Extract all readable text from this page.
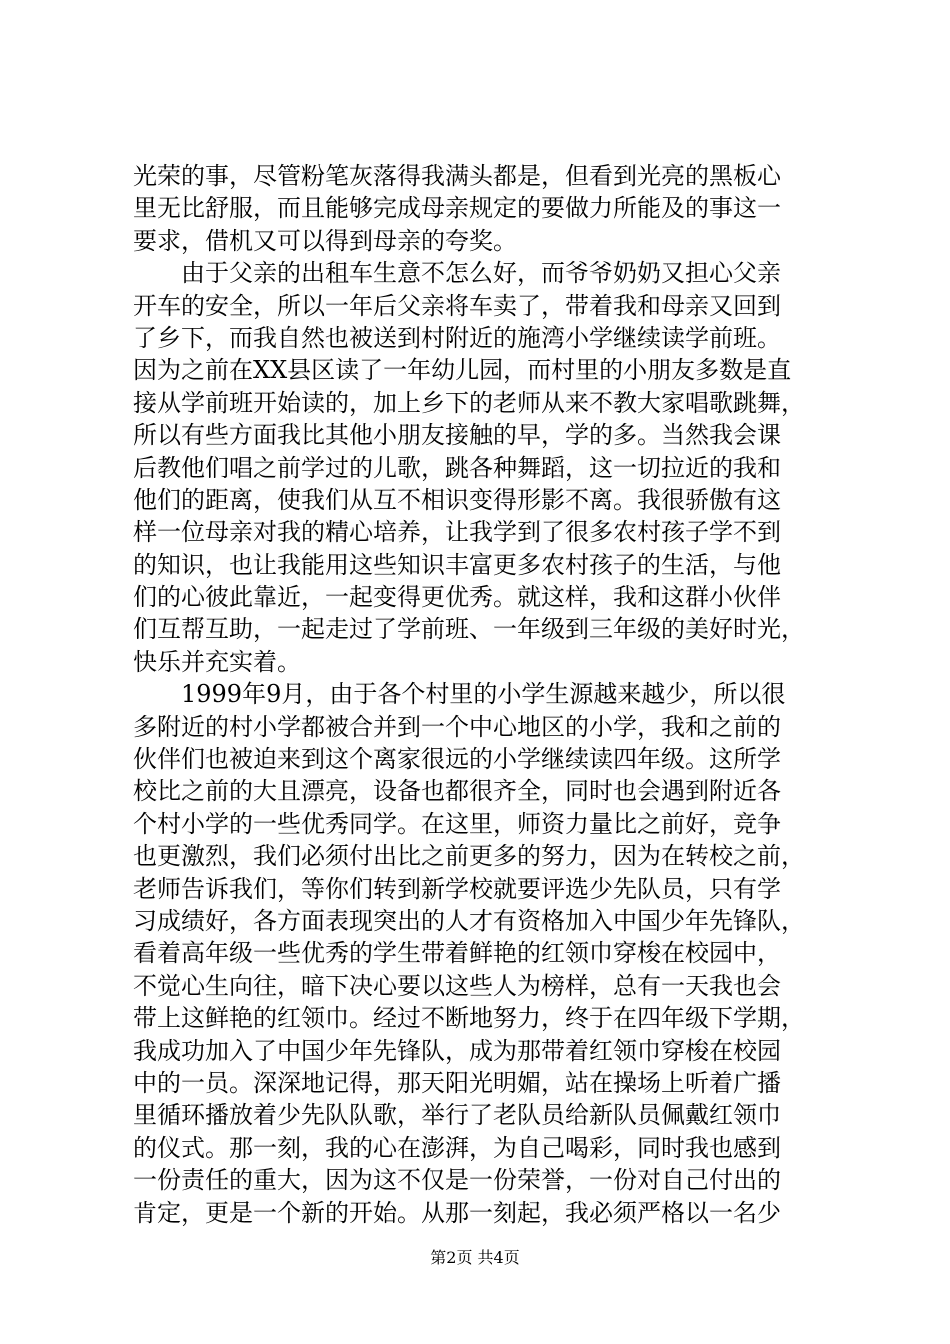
光荣的事，尽管粉笔灰落得我满头都是，但看到光亮的黑板心
里无比舒服，而且能够完成母亲规定的要做力所能及的事这一
要求，借机又可以得到母亲的夸奖。
　　由于父亲的出租车生意不怎么好，而爷爷奶奶又担心父亲
开车的安全，所以一年后父亲将车卖了，带着我和母亲又回到
了乡下，而我自然也被送到村附近的施湾小学继续读学前班。
因为之前在XX县区读了一年幼儿园，而村里的小朋友多数是直
接从学前班开始读的，加上乡下的老师从来不教大家唱歌跳舞，
所以有些方面我比其他小朋友接触的早，学的多。当然我会课
后教他们唱之前学过的儿歌，跳各种舞蹈，这一切拉近的我和
他们的距离，使我们从互不相识变得形影不离。我很骄傲有这
样一位母亲对我的精心培养，让我学到了很多农村孩子学不到
的知识，也让我能用这些知识丰富更多农村孩子的生活，与他
们的心彼此靠近，一起变得更优秀。就这样，我和这群小伙伴
们互帮互助，一起走过了学前班、一年级到三年级的美好时光，
快乐并充实着。
　　1999年9月，由于各个村里的小学生源越来越少，所以很
多附近的村小学都被合并到一个中心地区的小学，我和之前的
伙伴们也被迫来到这个离家很远的小学继续读四年级。这所学
校比之前的大且漂亮，设备也都很齐全，同时也会遇到附近各
个村小学的一些优秀同学。在这里，师资力量比之前好，竞争
也更激烈，我们必须付出比之前更多的努力，因为在转校之前，
老师告诉我们，等你们转到新学校就要评选少先队员，只有学
习成绩好，各方面表现突出的人才有资格加入中国少年先锋队，
看着高年级一些优秀的学生带着鲜艳的红领巾穿梭在校园中，
不觉心生向往，暗下决心要以这些人为榜样，总有一天我也会
带上这鲜艳的红领巾。经过不断地努力，终于在四年级下学期，
我成功加入了中国少年先锋队，成为那带着红领巾穿梭在校园
中的一员。深深地记得，那天阳光明媚，站在操场上听着广播
里循环播放着少先队队歌，举行了老队员给新队员佩戴红领巾
的仪式。那一刻，我的心在澎湃，为自己喝彩，同时我也感到
一份责任的重大，因为这不仅是一份荣誉，一份对自己付出的
肯定，更是一个新的开始。从那一刻起，我必须严格以一名少
第2页 共4页
